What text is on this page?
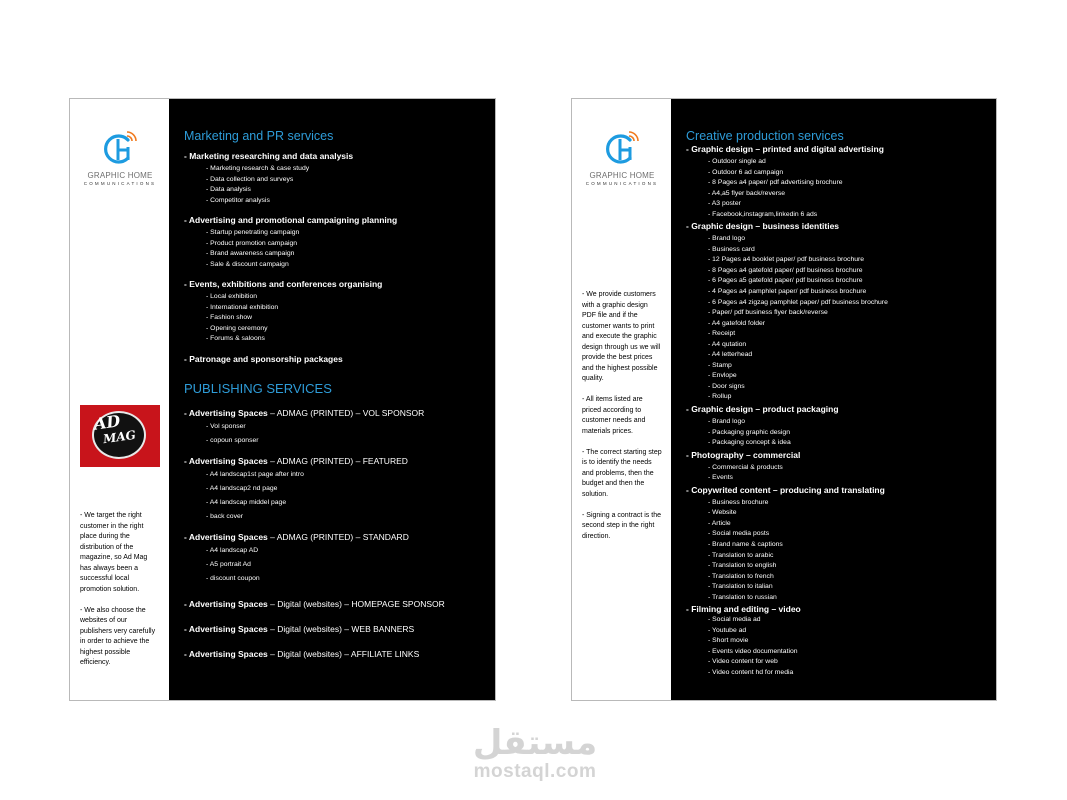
GRAPHIC HOME
COMMUNICATIONS
AD
MAG

- We target the right customer in the right place during the distribution of the magazine, so Ad Mag has always been a successful local promotion solution.

- We also choose the websites of our publishers very carefully in order to achieve the highest possible efficiency.

Marketing and PR services
- Marketing researching and data analysis
- Marketing research & case study
- Data collection and surveys
- Data analysis
- Competitor analysis
- Advertising and promotional campaigning planning
- Startup penetrating campaign
- Product promotion campaign
- Brand awareness campaign
- Sale & discount campaign
- Events, exhibitions and conferences organising
- Local exhibition
- International exhibition
- Fashion show
- Opening ceremony
- Forums & saloons
- Patronage and sponsorship packages
PUBLISHING SERVICES
- Advertising Spaces – ADMAG (PRINTED) – VOL SPONSOR
- Vol sponser
- copoun sponser
- Advertising Spaces – ADMAG (PRINTED) – FEATURED
- A4 landscap1st page after intro
- A4 landscap2 nd page
- A4 landscap middel page
- back cover
- Advertising Spaces – ADMAG (PRINTED) – STANDARD
- A4 landscap AD
- A5 portrait Ad
- discount coupon
- Advertising Spaces – Digital (websites) – HOMEPAGE SPONSOR
- Advertising Spaces – Digital (websites) – WEB BANNERS
- Advertising Spaces – Digital (websites) – AFFILIATE LINKS
GRAPHIC HOME
COMMUNICATIONS

- We provide customers with a graphic design PDF file and if the customer wants to print and execute the graphic design through us we will provide the best prices and the highest possible quality.

- All items listed are priced according to customer needs and materials prices.

- The correct starting step is to identify the needs and problems, then the budget and then the solution.

- Signing a contract is the second step in the right direction.

Creative production services
- Graphic design – printed and digital advertising
- Outdoor single ad
- Outdoor 6 ad campaign
- 8 Pages a4 paper/ pdf advertising brochure
- A4,a5 flyer back/reverse
- A3 poster
- Facebook,instagram,linkedin 6 ads
- Graphic design – business identities
- Brand logo
- Business card
- 12 Pages a4 booklet paper/ pdf business brochure
- 8 Pages a4 gatefold paper/ pdf business brochure
- 6 Pages a5 gatefold paper/ pdf business brochure
- 4 Pages a4 pamphlet paper/ pdf business brochure
- 6 Pages a4 zigzag pamphlet paper/ pdf business brochure
- Paper/ pdf business flyer back/reverse
- A4 gatefold folder
- Receipt
- A4 qutation
- A4 letterhead
- Stamp
- Envlope
- Door signs
- Rollup
- Graphic design – product packaging
- Brand logo
- Packaging graphic design
- Packaging concept & idea
- Photography – commercial
- Commercial & products
- Events
- Copywrited content – producing and translating
- Business brochure
- Website
- Article
- Social media posts
- Brand name & captions
- Translation to arabic
- Translation to english
- Translation to french
- Translation to italian
- Translation to russian
- Filming and editing – video
- Social media ad
- Youtube ad
- Short movie
- Events video documentation
- Video content for web
- Video content hd for media
مستقل
mostaql.com
